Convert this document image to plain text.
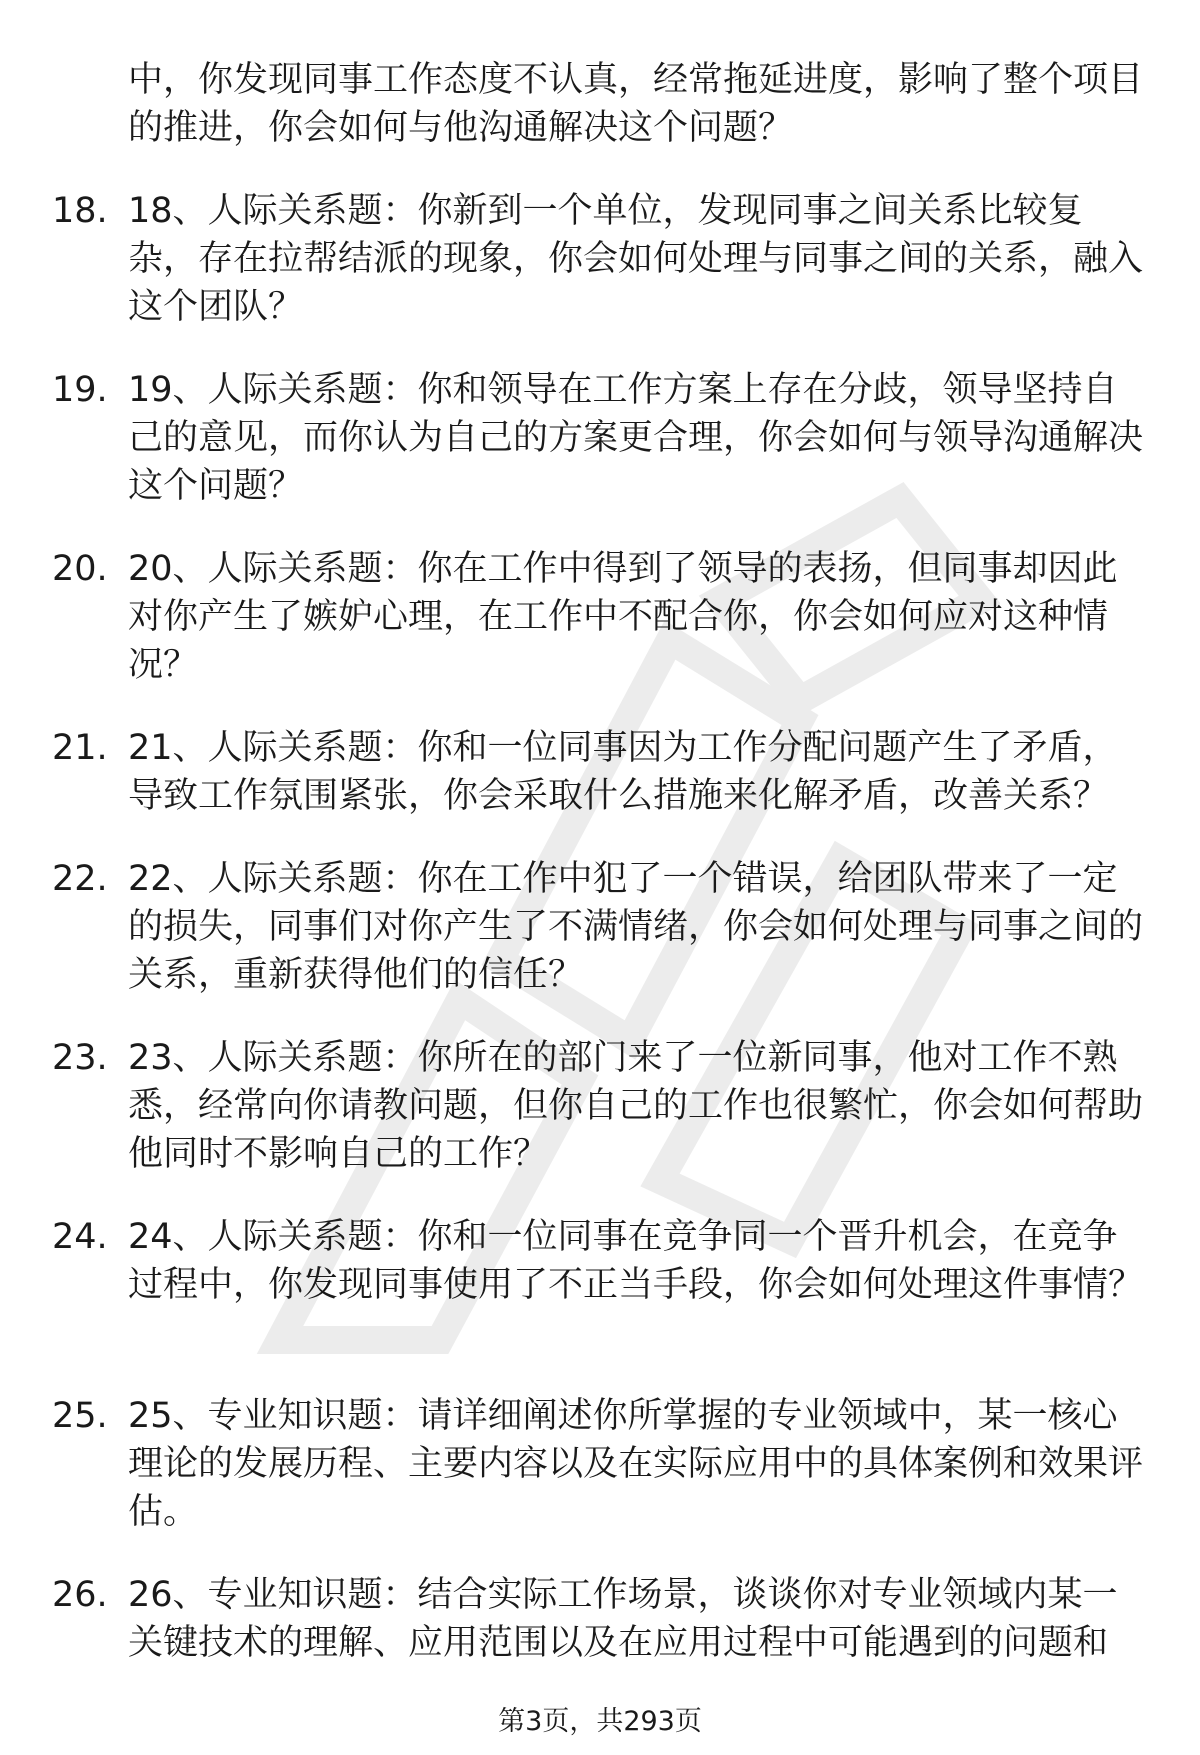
中，你发现同事工作态度不认真，经常拖延进度，影响了整个项目的推进，你会如何与他沟通解决这个问题？
18. 18、人际关系题：你新到一个单位，发现同事之间关系比较复杂，存在拉帮结派的现象，你会如何处理与同事之间的关系，融入这个团队？
19. 19、人际关系题：你和领导在工作方案上存在分歧，领导坚持自己的意见，而你认为自己的方案更合理，你会如何与领导沟通解决这个问题？
20. 20、人际关系题：你在工作中得到了领导的表扬，但同事却因此对你产生了嫉妒心理，在工作中不配合你，你会如何应对这种情况？
21. 21、人际关系题：你和一位同事因为工作分配问题产生了矛盾，导致工作氛围紧张，你会采取什么措施来化解矛盾，改善关系？
22. 22、人际关系题：你在工作中犯了一个错误，给团队带来了一定的损失，同事们对你产生了不满情绪，你会如何处理与同事之间的关系，重新获得他们的信任？
23. 23、人际关系题：你所在的部门来了一位新同事，他对工作不熟悉，经常向你请教问题，但你自己的工作也很繁忙，你会如何帮助他同时不影响自己的工作？
24. 24、人际关系题：你和一位同事在竞争同一个晋升机会，在竞争过程中，你发现同事使用了不正当手段，你会如何处理这件事情？
25. 25、专业知识题：请详细阐述你所掌握的专业领域中，某一核心理论的发展历程、主要内容以及在实际应用中的具体案例和效果评估。
26. 26、专业知识题：结合实际工作场景，谈谈你对专业领域内某一关键技术的理解、应用范围以及在应用过程中可能遇到的问题和
第3页，共293页
